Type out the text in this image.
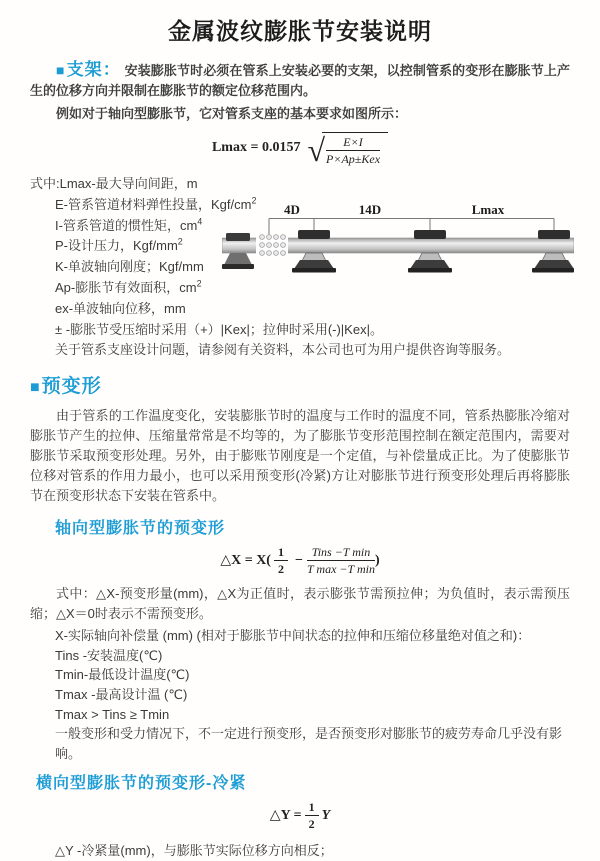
金属波纹膨胀节安装说明

■支架： 安装膨胀节时必须在管系上安装必要的支架，以控制管系的变形在膨胀节上产生的位移方向并限制在膨胀节的额定位移范围内。

例如对于轴向型膨胀节，它对管系支座的基本要求如图所示：

Lmax = 0.0157 √ $\frac{E\times I}{\text{P×Ap±Kex}}$
式中:Lmax-最大导向间距，m
E-管系管道材料弹性投量，Kgf/$cm^2$
I-管系管道的惯性矩，$cm^4$
P-设计压力，Kgf/$mm^2$
K-单波轴向刚度；Kgf/mm
Ap-膨胀节有效面积，$cm^2$
ex-单波轴向位移，mm
± -膨胀节受压缩时采用（+）|Kex|；拉伸时采用(-)|Kex|。
关于管系支座设计问题，请参阅有关资料，本公司也可为用户提供咨询等服务。
4D	14D	Lmax
■预变形

由于管系的工作温度变化，安装膨胀节时的温度与工作时的温度不同，管系热膨胀冷缩对膨胀节产生的拉伸、压缩量常常是不均等的，为了膨胀节变形范围控制在额定范围内，需要对膨胀节采取预变形处理。另外，由于膨账节刚度是一个定值，与补偿量成正比。为了使膨胀节位移对管系的作用力最小，也可以采用预变形(冷紧)方让对膨胀节进行预变形处理后再将膨胀节在预变形状态下安装在管系中。

轴向型膨胀节的预变形
△X = $X( \frac{1}{2} - \frac{\text{Tins −T min}}{\text{T max −T min}}$ )

式中：△X-预变形量(mm)，△X为正值时，表示膨张节需预拉伸；为负值时，表示需预压缩；△X＝0时表示不需预变形。

X-实际轴向补偿量 (mm) (相对于膨胀节中间状态的拉伸和压缩位移量绝对值之和)：
Tins -安装温度(℃)
Tmin-最低设计温度(℃)
Tmax -最高设计温 (℃)
Tmax > Tins ≥ Tmin
一般变形和受力情况下，不一定进行预变形，是否预变形对膨胀节的疲劳寿命几乎没有影响。
横向型膨胀节的预变形-冷紧
△Y = $\frac{1}{2}$ Y

△Y -冷紧量(mm)，与膨胀节实际位移方向相反；
